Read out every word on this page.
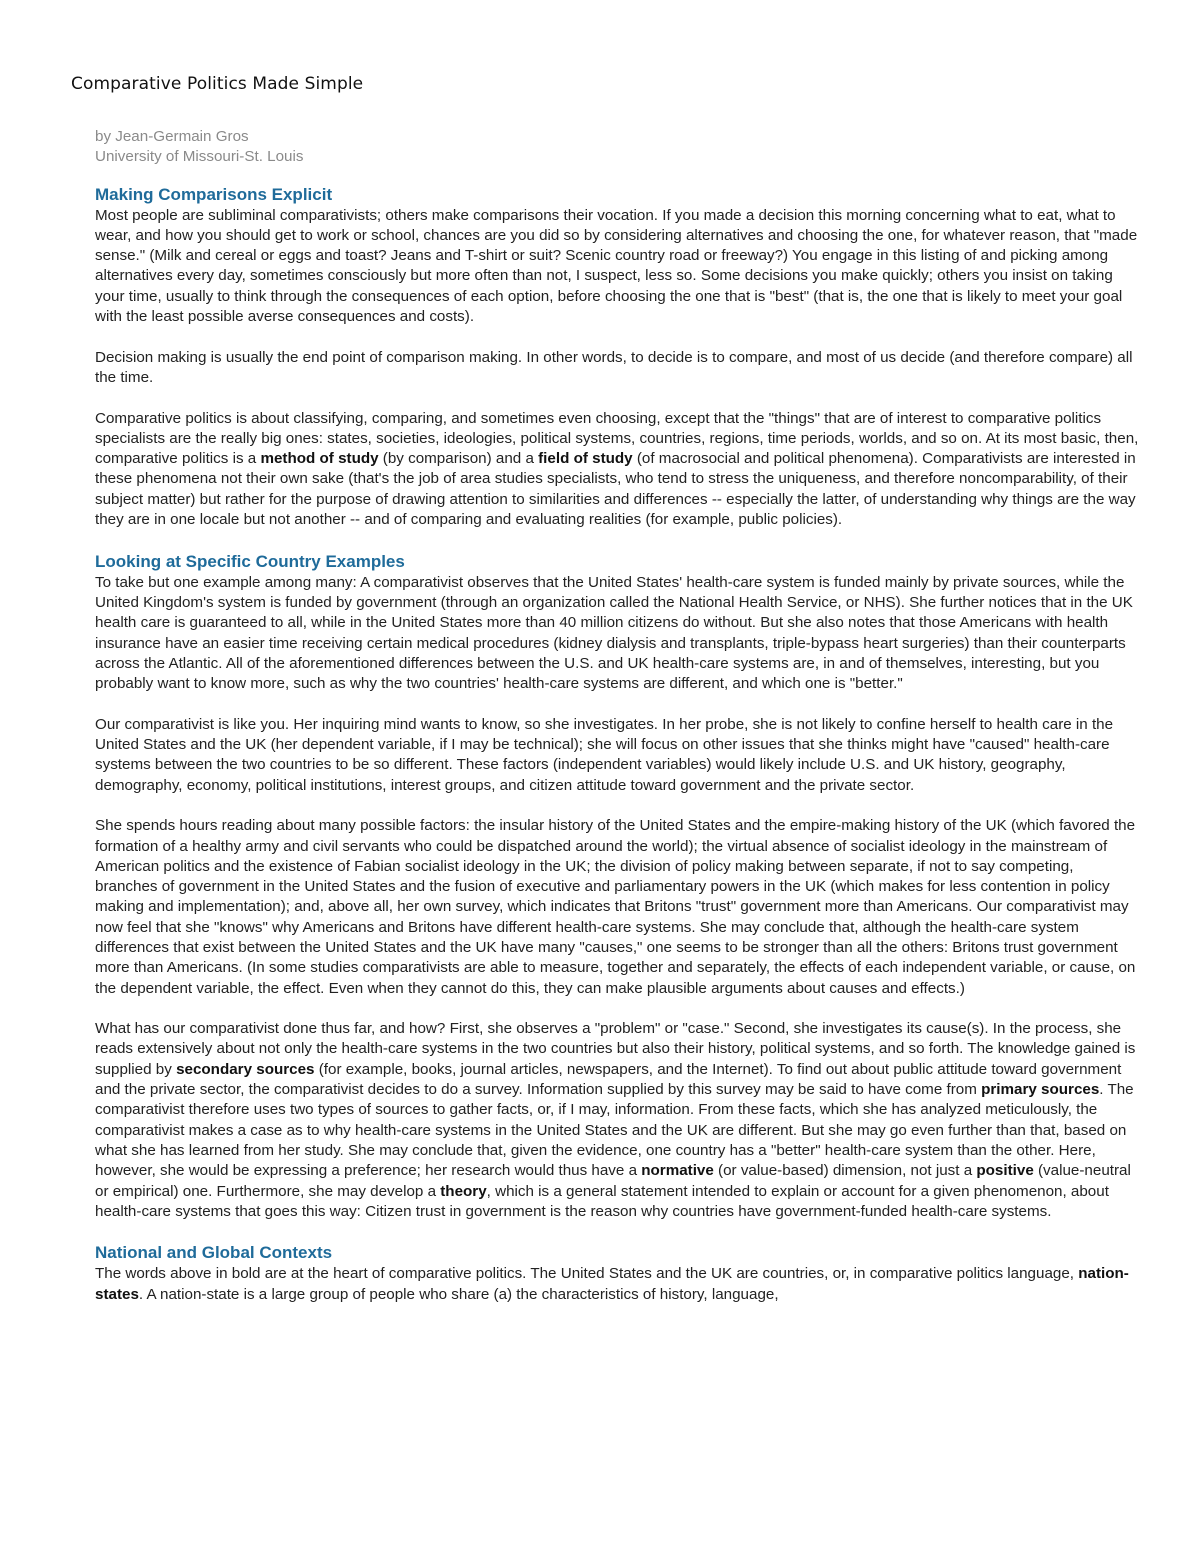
Comparative Politics Made Simple
by Jean-Germain Gros
University of Missouri-St. Louis
Making Comparisons Explicit

Most people are subliminal comparativists; others make comparisons their vocation. If you made a decision this morning concerning what to eat, what to wear, and how you should get to work or school, chances are you did so by considering alternatives and choosing the one, for whatever reason, that "made sense." (Milk and cereal or eggs and toast? Jeans and T-shirt or suit? Scenic country road or freeway?) You engage in this listing of and picking among alternatives every day, sometimes consciously but more often than not, I suspect, less so. Some decisions you make quickly; others you insist on taking your time, usually to think through the consequences of each option, before choosing the one that is "best" (that is, the one that is likely to meet your goal with the least possible averse consequences and costs).

Decision making is usually the end point of comparison making. In other words, to decide is to compare, and most of us decide (and therefore compare) all the time.

Comparative politics is about classifying, comparing, and sometimes even choosing, except that the "things" that are of interest to comparative politics specialists are the really big ones: states, societies, ideologies, political systems, countries, regions, time periods, worlds, and so on. At its most basic, then, comparative politics is a method of study (by comparison) and a field of study (of macrosocial and political phenomena). Comparativists are interested in these phenomena not their own sake (that's the job of area studies specialists, who tend to stress the uniqueness, and therefore noncomparability, of their subject matter) but rather for the purpose of drawing attention to similarities and differences -- especially the latter, of understanding why things are the way they are in one locale but not another -- and of comparing and evaluating realities (for example, public policies).

Looking at Specific Country Examples

To take but one example among many: A comparativist observes that the United States' health-care system is funded mainly by private sources, while the United Kingdom's system is funded by government (through an organization called the National Health Service, or NHS). She further notices that in the UK health care is guaranteed to all, while in the United States more than 40 million citizens do without. But she also notes that those Americans with health insurance have an easier time receiving certain medical procedures (kidney dialysis and transplants, triple-bypass heart surgeries) than their counterparts across the Atlantic. All of the aforementioned differences between the U.S. and UK health-care systems are, in and of themselves, interesting, but you probably want to know more, such as why the two countries' health-care systems are different, and which one is "better."

Our comparativist is like you. Her inquiring mind wants to know, so she investigates. In her probe, she is not likely to confine herself to health care in the United States and the UK (her dependent variable, if I may be technical); she will focus on other issues that she thinks might have "caused" health-care systems between the two countries to be so different. These factors (independent variables) would likely include U.S. and UK history, geography, demography, economy, political institutions, interest groups, and citizen attitude toward government and the private sector.

She spends hours reading about many possible factors: the insular history of the United States and the empire-making history of the UK (which favored the formation of a healthy army and civil servants who could be dispatched around the world); the virtual absence of socialist ideology in the mainstream of American politics and the existence of Fabian socialist ideology in the UK; the division of policy making between separate, if not to say competing, branches of government in the United States and the fusion of executive and parliamentary powers in the UK (which makes for less contention in policy making and implementation); and, above all, her own survey, which indicates that Britons "trust" government more than Americans. Our comparativist may now feel that she "knows" why Americans and Britons have different health-care systems. She may conclude that, although the health-care system differences that exist between the United States and the UK have many "causes," one seems to be stronger than all the others: Britons trust government more than Americans. (In some studies comparativists are able to measure, together and separately, the effects of each independent variable, or cause, on the dependent variable, the effect. Even when they cannot do this, they can make plausible arguments about causes and effects.)

What has our comparativist done thus far, and how? First, she observes a "problem" or "case." Second, she investigates its cause(s). In the process, she reads extensively about not only the health-care systems in the two countries but also their history, political systems, and so forth. The knowledge gained is supplied by secondary sources (for example, books, journal articles, newspapers, and the Internet). To find out about public attitude toward government and the private sector, the comparativist decides to do a survey. Information supplied by this survey may be said to have come from primary sources. The comparativist therefore uses two types of sources to gather facts, or, if I may, information. From these facts, which she has analyzed meticulously, the comparativist makes a case as to why health-care systems in the United States and the UK are different. But she may go even further than that, based on what she has learned from her study. She may conclude that, given the evidence, one country has a "better" health-care system than the other. Here, however, she would be expressing a preference; her research would thus have a normative (or value-based) dimension, not just a positive (value-neutral or empirical) one. Furthermore, she may develop a theory, which is a general statement intended to explain or account for a given phenomenon, about health-care systems that goes this way: Citizen trust in government is the reason why countries have government-funded health-care systems.

National and Global Contexts

The words above in bold are at the heart of comparative politics. The United States and the UK are countries, or, in comparative politics language, nation-states. A nation-state is a large group of people who share (a) the characteristics of history, language,
